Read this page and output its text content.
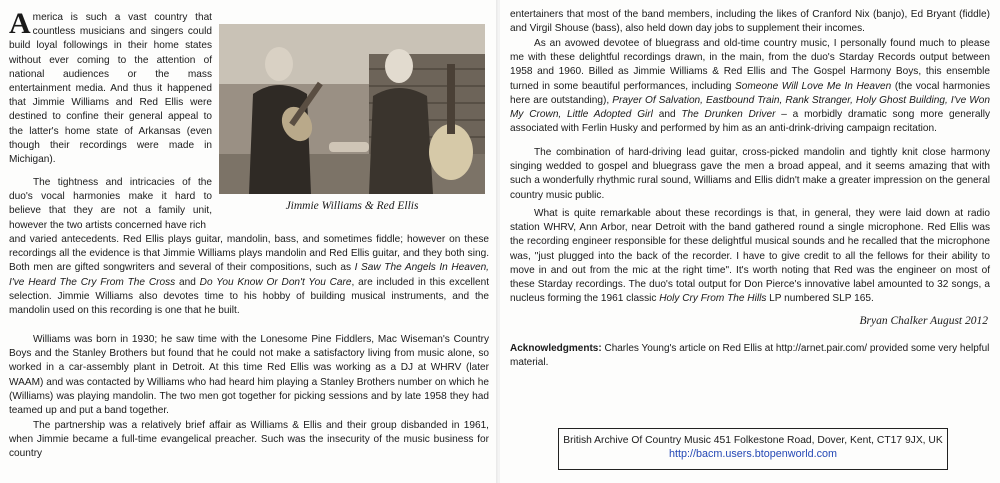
America is such a vast country that countless musicians and singers could build loyal followings in their home states without ever coming to the attention of national audiences or the mass entertainment media. And thus it happened that Jimmie Williams and Red Ellis were destined to confine their general appeal to the latter's home state of Arkansas (even though their recordings were made in Michigan).

The tightness and intricacies of the duo's vocal harmonies make it hard to believe that they are not a family unit, however the two artists concerned have rich

Jimmie Williams & Red Ellis

and varied antecedents. Red Ellis plays guitar, mandolin, bass, and sometimes fiddle; however on these recordings all the evidence is that Jimmie Williams plays mandolin and Red Ellis guitar, and they both sing. Both men are gifted songwriters and several of their compositions, such as I Saw The Angels In Heaven, I've Heard The Cry From The Cross and Do You Know Or Don't You Care, are included in this excellent selection. Jimmie Williams also devotes time to his hobby of building musical instruments, and the mandolin used on this recording is one that he built.

Williams was born in 1930; he saw time with the Lonesome Pine Fiddlers, Mac Wiseman's Country Boys and the Stanley Brothers but found that he could not make a satisfactory living from music alone, so worked in a car-assembly plant in Detroit. At this time Red Ellis was working as a DJ at WHRV (later WAAM) and was contacted by Williams who had heard him playing a Stanley Brothers number on which he (Williams) was playing mandolin. The two men got together for picking sessions and by late 1958 they had teamed up and put a band together.

The partnership was a relatively brief affair as Williams & Ellis and their group disbanded in 1961, when Jimmie became a full-time evangelical preacher. Such was the insecurity of the music business for country

entertainers that most of the band members, including the likes of Cranford Nix (banjo), Ed Bryant (fiddle) and Virgil Shouse (bass), also held down day jobs to supplement their incomes.

As an avowed devotee of bluegrass and old-time country music, I personally found much to please me with these delightful recordings drawn, in the main, from the duo's Starday Records output between 1958 and 1960. Billed as Jimmie Williams & Red Ellis and The Gospel Harmony Boys, this ensemble turned in some beautiful performances, including Someone Will Love Me In Heaven (the vocal harmonies here are outstanding), Prayer Of Salvation, Eastbound Train, Rank Stranger, Holy Ghost Building, I've Won My Crown, Little Adopted Girl and The Drunken Driver – a morbidly dramatic song more generally associated with Ferlin Husky and performed by him as an anti-drink-driving campaign recitation.

The combination of hard-driving lead guitar, cross-picked mandolin and tightly knit close harmony singing wedded to gospel and bluegrass gave the men a broad appeal, and it seems amazing that with such a wonderfully rhythmic rural sound, Williams and Ellis didn't make a greater impression on the general country music public.

What is quite remarkable about these recordings is that, in general, they were laid down at radio station WHRV, Ann Arbor, near Detroit with the band gathered round a single microphone. Red Ellis was the recording engineer responsible for these delightful musical sounds and he recalled that the microphone was, "just plugged into the back of the recorder. I have to give credit to all the fellows for their ability to move in and out from the mic at the right time". It's worth noting that Red was the engineer on most of these Starday recordings. The duo's total output for Don Pierce's innovative label amounted to 32 songs, a nucleus forming the 1961 classic Holy Cry From The Hills LP numbered SLP 165.

Bryan Chalker August 2012
Acknowledgments: Charles Young's article on Red Ellis at http://arnet.pair.com/ provided some very helpful material.
British Archive Of Country Music 451 Folkestone Road, Dover, Kent, CT17 9JX, UK
http://bacm.users.btopenworld.com
